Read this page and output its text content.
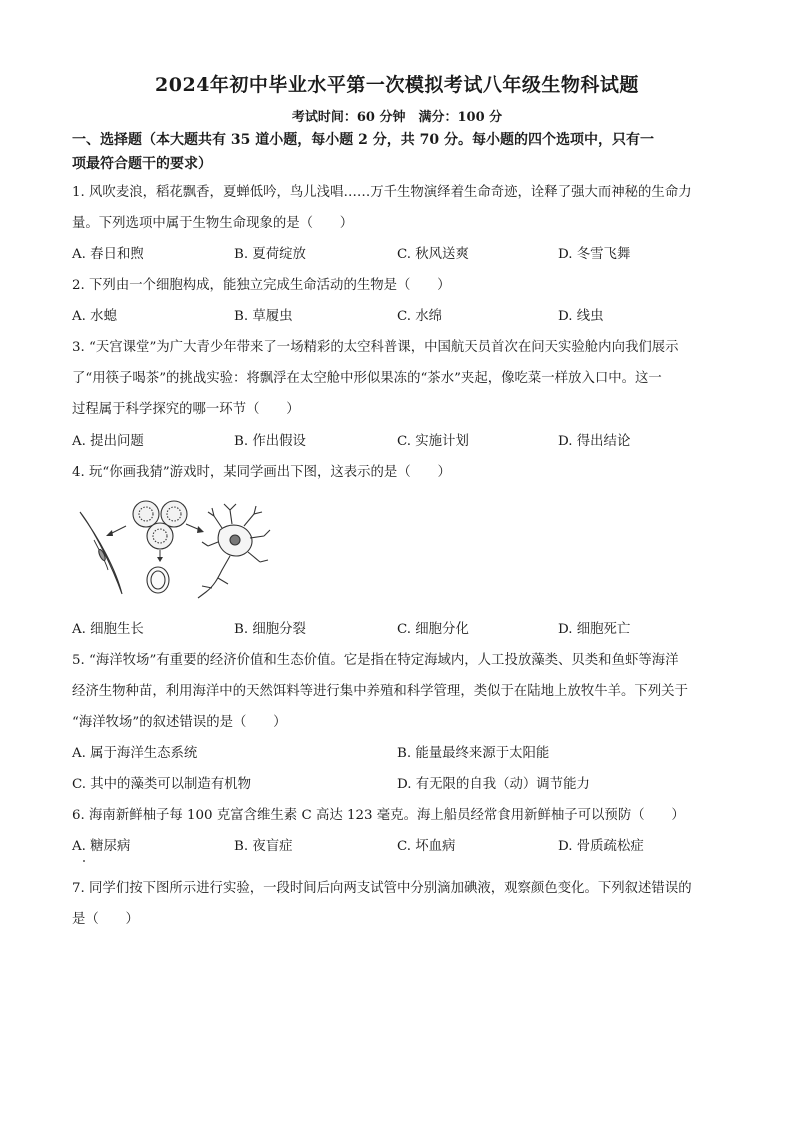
2024年初中毕业水平第一次模拟考试八年级生物科试题
考试时间：60 分钟　满分：100 分
一、选择题（本大题共有 35 道小题，每小题 2 分，共 70 分。每小题的四个选项中，只有一
项最符合题干的要求）
1. 风吹麦浪，稻花飘香，夏蝉低吟，鸟儿浅唱……万千生物演绎着生命奇迹，诠释了强大而神秘的生命力
量。下列选项中属于生物生命现象的是（　　）
A. 春日和煦	B. 夏荷绽放	C. 秋风送爽	D. 冬雪飞舞
2. 下列由一个细胞构成，能独立完成生命活动的生物是（　　）
A. 水螅	B. 草履虫	C. 水绵	D. 线虫
3. “天宫课堂”为广大青少年带来了一场精彩的太空科普课，中国航天员首次在问天实验舱内向我们展示
了“用筷子喝茶”的挑战实验：将飘浮在太空舱中形似果冻的“茶水”夹起，像吃菜一样放入口中。这一
过程属于科学探究的哪一环节（　　）
A. 提出问题	B. 作出假设	C. 实施计划	D. 得出结论
4. 玩“你画我猜”游戏时，某同学画出下图，这表示的是（　　）
A. 细胞生长	B. 细胞分裂	C. 细胞分化	D. 细胞死亡
5. “海洋牧场”有重要的经济价值和生态价值。它是指在特定海域内，人工投放藻类、贝类和鱼虾等海洋
经济生物种苗，利用海洋中的天然饵料等进行集中养殖和科学管理，类似于在陆地上放牧牛羊。下列关于
“海洋牧场”的叙述错误的是（　　）
A. 属于海洋生态系统	B. 能量最终来源于太阳能
C. 其中的藻类可以制造有机物	D. 有无限的自我（动）调节能力
6. 海南新鲜柚子每 100 克富含维生素 C 高达 123 毫克。海上船员经常食用新鲜柚子可以预防（　　）
A. 糖尿病	B. 夜盲症	C. 坏血病	D. 骨质疏松症
7. 同学们按下图所示进行实验，一段时间后向两支试管中分别滴加碘液，观察颜色变化。下列叙述错误的
是（　　）
